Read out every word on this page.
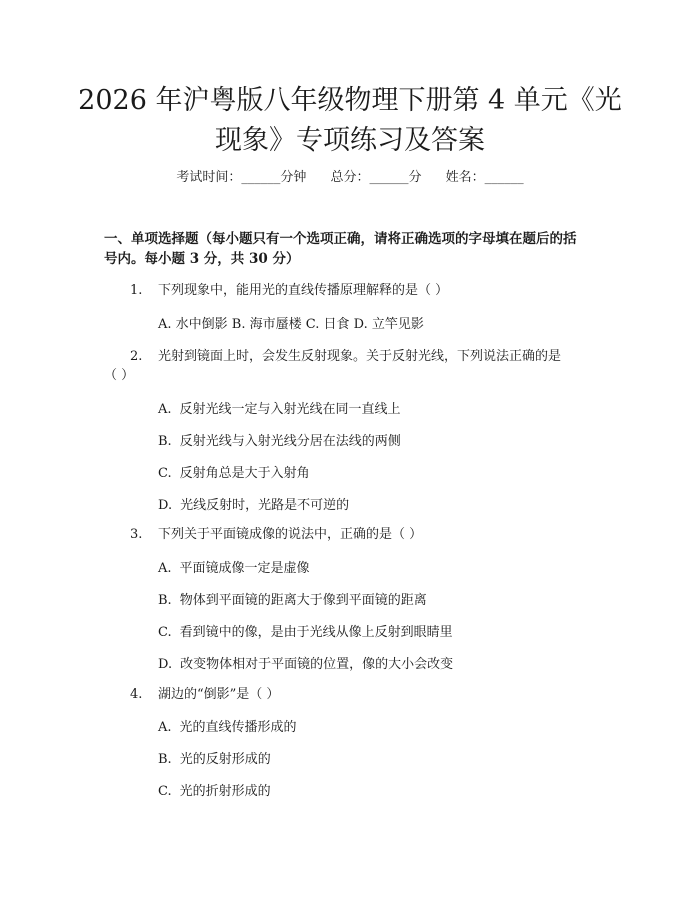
2026 年沪粤版八年级物理下册第 4 单元《光
现象》专项练习及答案
考试时间：______分钟 总分：______分 姓名：______
一、单项选择题（每小题只有一个选项正确，请将正确选项的字母填在题后的括
号内。每小题 3 分，共 30 分）
1. 下列现象中，能用光的直线传播原理解释的是（ ）
A. 水中倒影 B. 海市蜃楼 C. 日食 D. 立竿见影
2. 光射到镜面上时，会发生反射现象。关于反射光线，下列说法正确的是
（ ）
A. 反射光线一定与入射光线在同一直线上
B. 反射光线与入射光线分居在法线的两侧
C. 反射角总是大于入射角
D. 光线反射时，光路是不可逆的
3. 下列关于平面镜成像的说法中，正确的是（ ）
A. 平面镜成像一定是虚像
B. 物体到平面镜的距离大于像到平面镜的距离
C. 看到镜中的像，是由于光线从像上反射到眼睛里
D. 改变物体相对于平面镜的位置，像的大小会改变
4. 湖边的“倒影”是（ ）
A. 光的直线传播形成的
B. 光的反射形成的
C. 光的折射形成的
